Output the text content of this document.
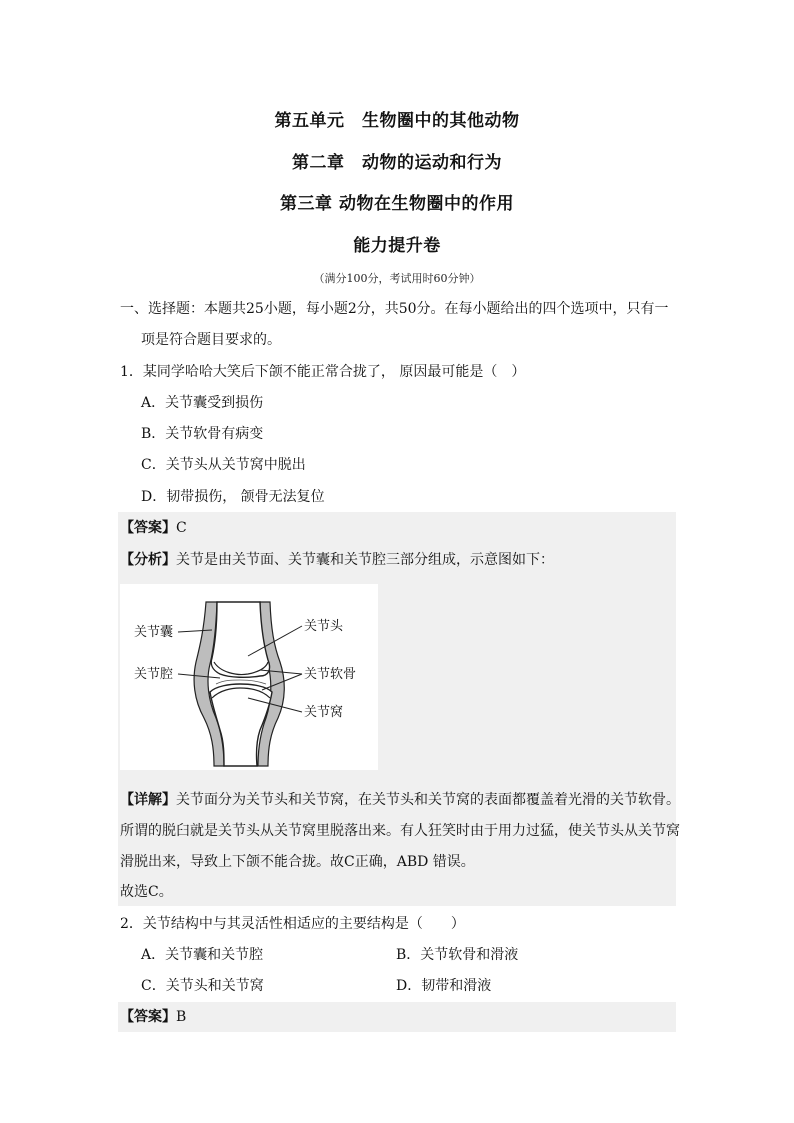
第五单元　生物圈中的其他动物
第二章　动物的运动和行为
第三章 动物在生物圈中的作用
能力提升卷
（满分100分，考试用时60分钟）
一、选择题：本题共25小题，每小题2分，共50分。在每小题给出的四个选项中，只有一
项是符合题目要求的。
1．某同学哈哈大笑后下颌不能正常合拢了， 原因最可能是（　）
A．关节囊受到损伤
B．关节软骨有病变
C．关节头从关节窝中脱出
D．韧带损伤， 颌骨无法复位
【答案】C
【分析】关节是由关节面、关节囊和关节腔三部分组成，示意图如下：
关节囊
关节腔
关节头
关节软骨
关节窝
【详解】关节面分为关节头和关节窝，在关节头和关节窝的表面都覆盖着光滑的关节软骨。
所谓的脱臼就是关节头从关节窝里脱落出来。有人狂笑时由于用力过猛，使关节头从关节窝
滑脱出来，导致上下颌不能合拢。故C正确，ABD 错误。
故选C。
2．关节结构中与其灵活性相适应的主要结构是（　　）
A．关节囊和关节腔	B．关节软骨和滑液
C．关节头和关节窝	D．韧带和滑液
【答案】B
